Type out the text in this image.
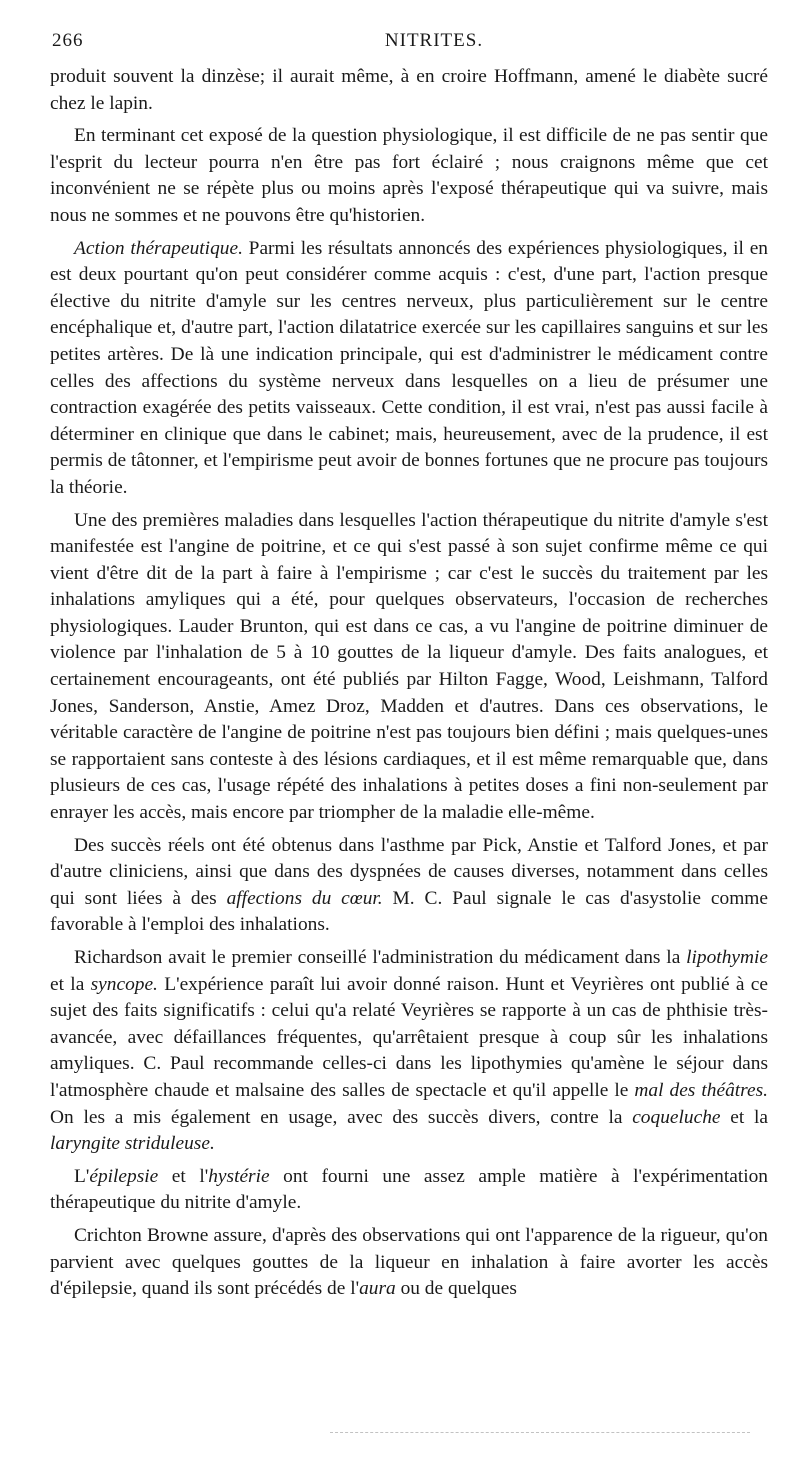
266	NITRITES.

produit souvent la dinzèse; il aurait même, à en croire Hoffmann, amené le diabète sucré chez le lapin.

En terminant cet exposé de la question physiologique, il est difficile de ne pas sentir que l'esprit du lecteur pourra n'en être pas fort éclairé ; nous craignons même que cet inconvénient ne se répète plus ou moins après l'exposé thérapeutique qui va suivre, mais nous ne sommes et ne pouvons être qu'historien.

Action thérapeutique. Parmi les résultats annoncés des expériences physiologiques, il en est deux pourtant qu'on peut considérer comme acquis : c'est, d'une part, l'action presque élective du nitrite d'amyle sur les centres nerveux, plus particulièrement sur le centre encéphalique et, d'autre part, l'action dilatatrice exercée sur les capillaires sanguins et sur les petites artères. De là une indication principale, qui est d'administrer le médicament contre celles des affections du système nerveux dans lesquelles on a lieu de présumer une contraction exagérée des petits vaisseaux. Cette condition, il est vrai, n'est pas aussi facile à déterminer en clinique que dans le cabinet; mais, heureusement, avec de la prudence, il est permis de tâtonner, et l'empirisme peut avoir de bonnes fortunes que ne procure pas toujours la théorie.

Une des premières maladies dans lesquelles l'action thérapeutique du nitrite d'amyle s'est manifestée est l'angine de poitrine, et ce qui s'est passé à son sujet confirme même ce qui vient d'être dit de la part à faire à l'empirisme ; car c'est le succès du traitement par les inhalations amyliques qui a été, pour quelques observateurs, l'occasion de recherches physiologiques. Lauder Brunton, qui est dans ce cas, a vu l'angine de poitrine diminuer de violence par l'inhalation de 5 à 10 gouttes de la liqueur d'amyle. Des faits analogues, et certainement encourageants, ont été publiés par Hilton Fagge, Wood, Leishmann, Talford Jones, Sanderson, Anstie, Amez Droz, Madden et d'autres. Dans ces observations, le véritable caractère de l'angine de poitrine n'est pas toujours bien défini ; mais quelques-unes se rapportaient sans conteste à des lésions cardiaques, et il est même remarquable que, dans plusieurs de ces cas, l'usage répété des inhalations à petites doses a fini non-seulement par enrayer les accès, mais encore par triompher de la maladie elle-même.

Des succès réels ont été obtenus dans l'asthme par Pick, Anstie et Talford Jones, et par d'autre cliniciens, ainsi que dans des dyspnées de causes diverses, notamment dans celles qui sont liées à des affections du cœur. M. C. Paul signale le cas d'asystolie comme favorable à l'emploi des inhalations.

Richardson avait le premier conseillé l'administration du médicament dans la lipothymie et la syncope. L'expérience paraît lui avoir donné raison. Hunt et Veyrières ont publié à ce sujet des faits significatifs : celui qu'a relaté Veyrières se rapporte à un cas de phthisie très-avancée, avec défaillances fréquentes, qu'arrêtaient presque à coup sûr les inhalations amyliques. C. Paul recommande celles-ci dans les lipothymies qu'amène le séjour dans l'atmosphère chaude et malsaine des salles de spectacle et qu'il appelle le mal des théâtres. On les a mis également en usage, avec des succès divers, contre la coqueluche et la laryngite striduleuse.

L'épilepsie et l'hystérie ont fourni une assez ample matière à l'expérimentation thérapeutique du nitrite d'amyle.

Crichton Browne assure, d'après des observations qui ont l'apparence de la rigueur, qu'on parvient avec quelques gouttes de la liqueur en inhalation à faire avorter les accès d'épilepsie, quand ils sont précédés de l'aura ou de quelques
